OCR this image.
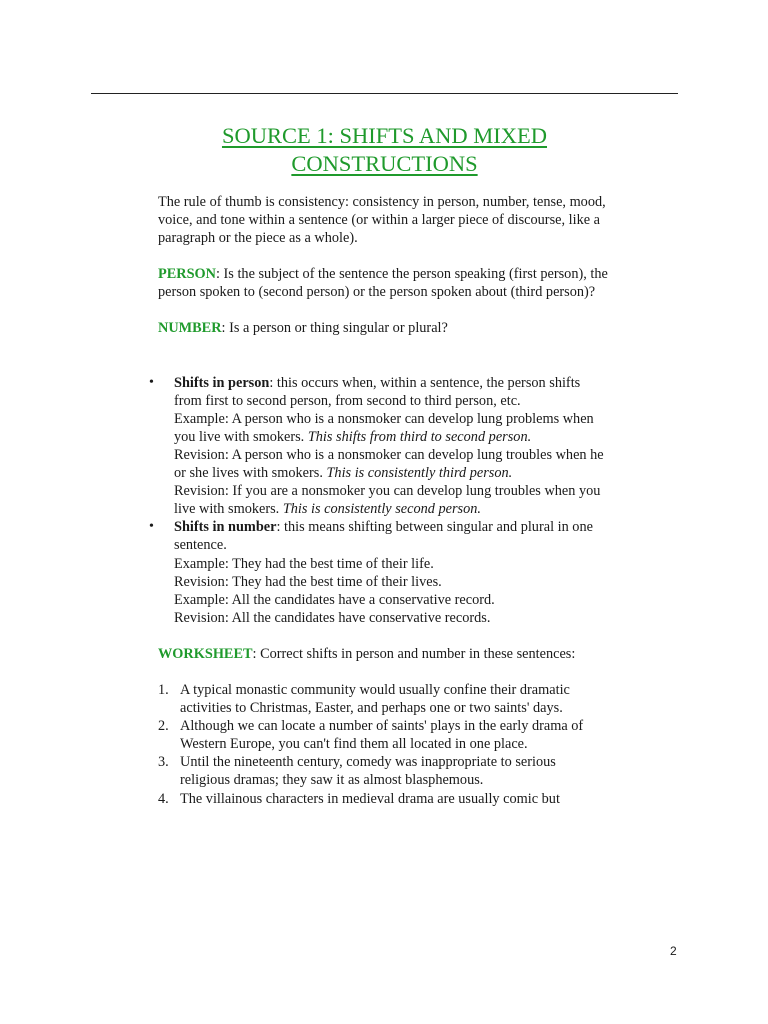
SOURCE 1: SHIFTS AND MIXED
CONSTRUCTIONS

The rule of thumb is consistency: consistency in person, number, tense, mood, voice, and tone within a sentence (or within a larger piece of discourse, like a paragraph or the piece as a whole).

PERSON: Is the subject of the sentence the person speaking (first person), the person spoken to (second person) or the person spoken about (third person)?

NUMBER: Is a person or thing singular or plural?

• Shifts in person: this occurs when, within a sentence, the person shifts from first to second person, from second to third person, etc.
Example: A person who is a nonsmoker can develop lung problems when you live with smokers. This shifts from third to second person.
Revision: A person who is a nonsmoker can develop lung troubles when he or she lives with smokers. This is consistently third person.
Revision: If you are a nonsmoker you can develop lung troubles when you live with smokers. This is consistently second person.
• Shifts in number: this means shifting between singular and plural in one sentence.
Example: They had the best time of their life.
Revision: They had the best time of their lives.
Example: All the candidates have a conservative record.
Revision: All the candidates have conservative records.

WORKSHEET: Correct shifts in person and number in these sentences:

1. A typical monastic community would usually confine their dramatic activities to Christmas, Easter, and perhaps one or two saints' days.
2. Although we can locate a number of saints' plays in the early drama of Western Europe, you can't find them all located in one place.
3. Until the nineteenth century, comedy was inappropriate to serious religious dramas; they saw it as almost blasphemous.
4. The villainous characters in medieval drama are usually comic but
2
